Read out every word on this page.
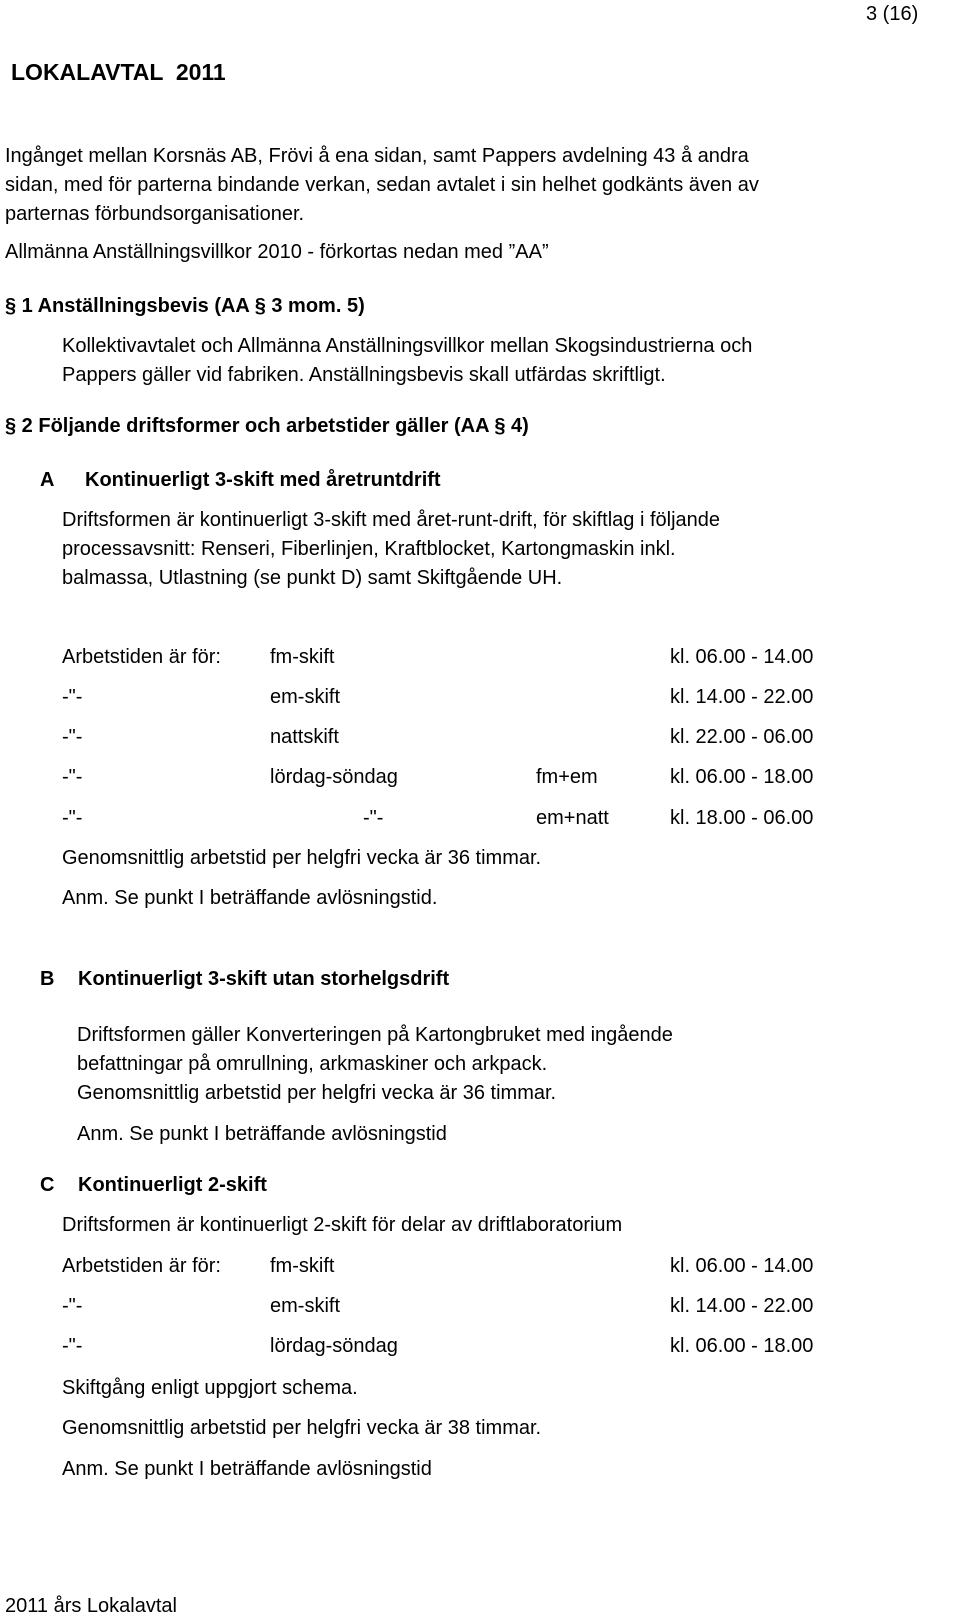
3 (16)
LOKALAVTAL  2011
Ingånget mellan Korsnäs AB, Frövi å ena sidan, samt Pappers avdelning 43 å andra
sidan, med för parterna bindande verkan, sedan avtalet i sin helhet godkänts även av
parternas förbundsorganisationer.
Allmänna Anställningsvillkor 2010 - förkortas nedan med ”AA”
§ 1 Anställningsbevis (AA § 3 mom. 5)
Kollektivavtalet och Allmänna Anställningsvillkor mellan Skogsindustrierna och
Pappers gäller vid fabriken. Anställningsbevis skall utfärdas skriftligt.
§ 2 Följande driftsformer och arbetstider gäller (AA § 4)
A Kontinuerligt 3-skift med åretruntdrift
Driftsformen är kontinuerligt 3-skift med året-runt-drift, för skiftlag i följande
processavsnitt: Renseri, Fiberlinjen, Kraftblocket, Kartongmaskin inkl.
balmassa, Utlastning (se punkt D) samt Skiftgående UH.
Arbetstiden är för: fm-skift	kl. 06.00 - 14.00
-"-	em-skift	kl. 14.00 - 22.00
-"-	nattskift	kl. 22.00 - 06.00
-"-	lördag-söndag	fm+em	kl. 06.00 - 18.00
-"-	-"-	em+natt	kl. 18.00 - 06.00
Genomsnittlig arbetstid per helgfri vecka är 36 timmar.
Anm. Se punkt I beträffande avlösningstid.
B Kontinuerligt 3-skift utan storhelgsdrift
Driftsformen gäller Konverteringen på Kartongbruket med ingående
befattningar på omrullning, arkmaskiner och arkpack.
Genomsnittlig arbetstid per helgfri vecka är 36 timmar.
Anm. Se punkt I beträffande avlösningstid
C Kontinuerligt 2-skift
Driftsformen är kontinuerligt 2-skift för delar av driftlaboratorium
Arbetstiden är för: fm-skift	kl. 06.00 - 14.00
-"-	em-skift	kl. 14.00 - 22.00
-"-	lördag-söndag	kl. 06.00 - 18.00
Skiftgång enligt uppgjort schema.
Genomsnittlig arbetstid per helgfri vecka är 38 timmar.
Anm. Se punkt I beträffande avlösningstid
2011 års Lokalavtal
